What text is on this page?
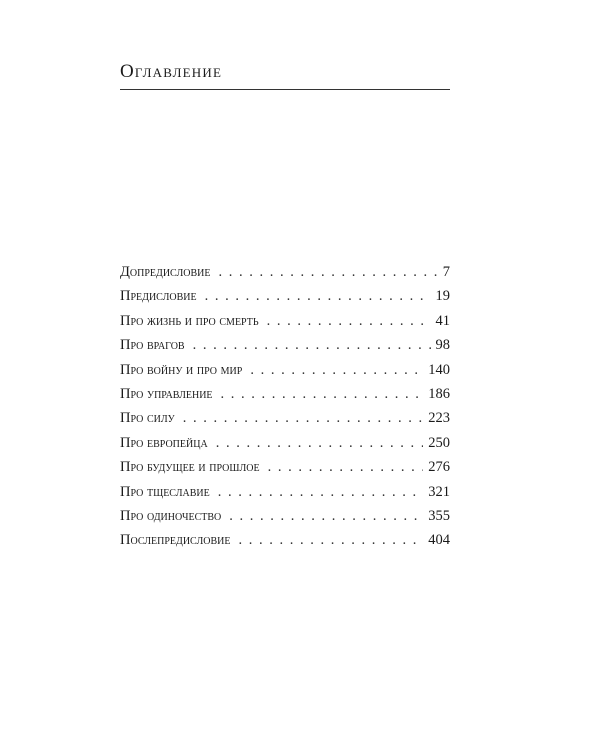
Оглавление
Допредисловие . . .	7
Предисловие . . .	19
Про жизнь и про смерть . . .	41
Про врагов . . .	98
Про войну и про мир . . .	140
Про управление . . .	186
Про силу . . .	223
Про европейца . . .	250
Про будущее и прошлое . . .	276
Про тщеславие . . .	321
Про одиночество . . .	355
Послепредисловие . . .	404
